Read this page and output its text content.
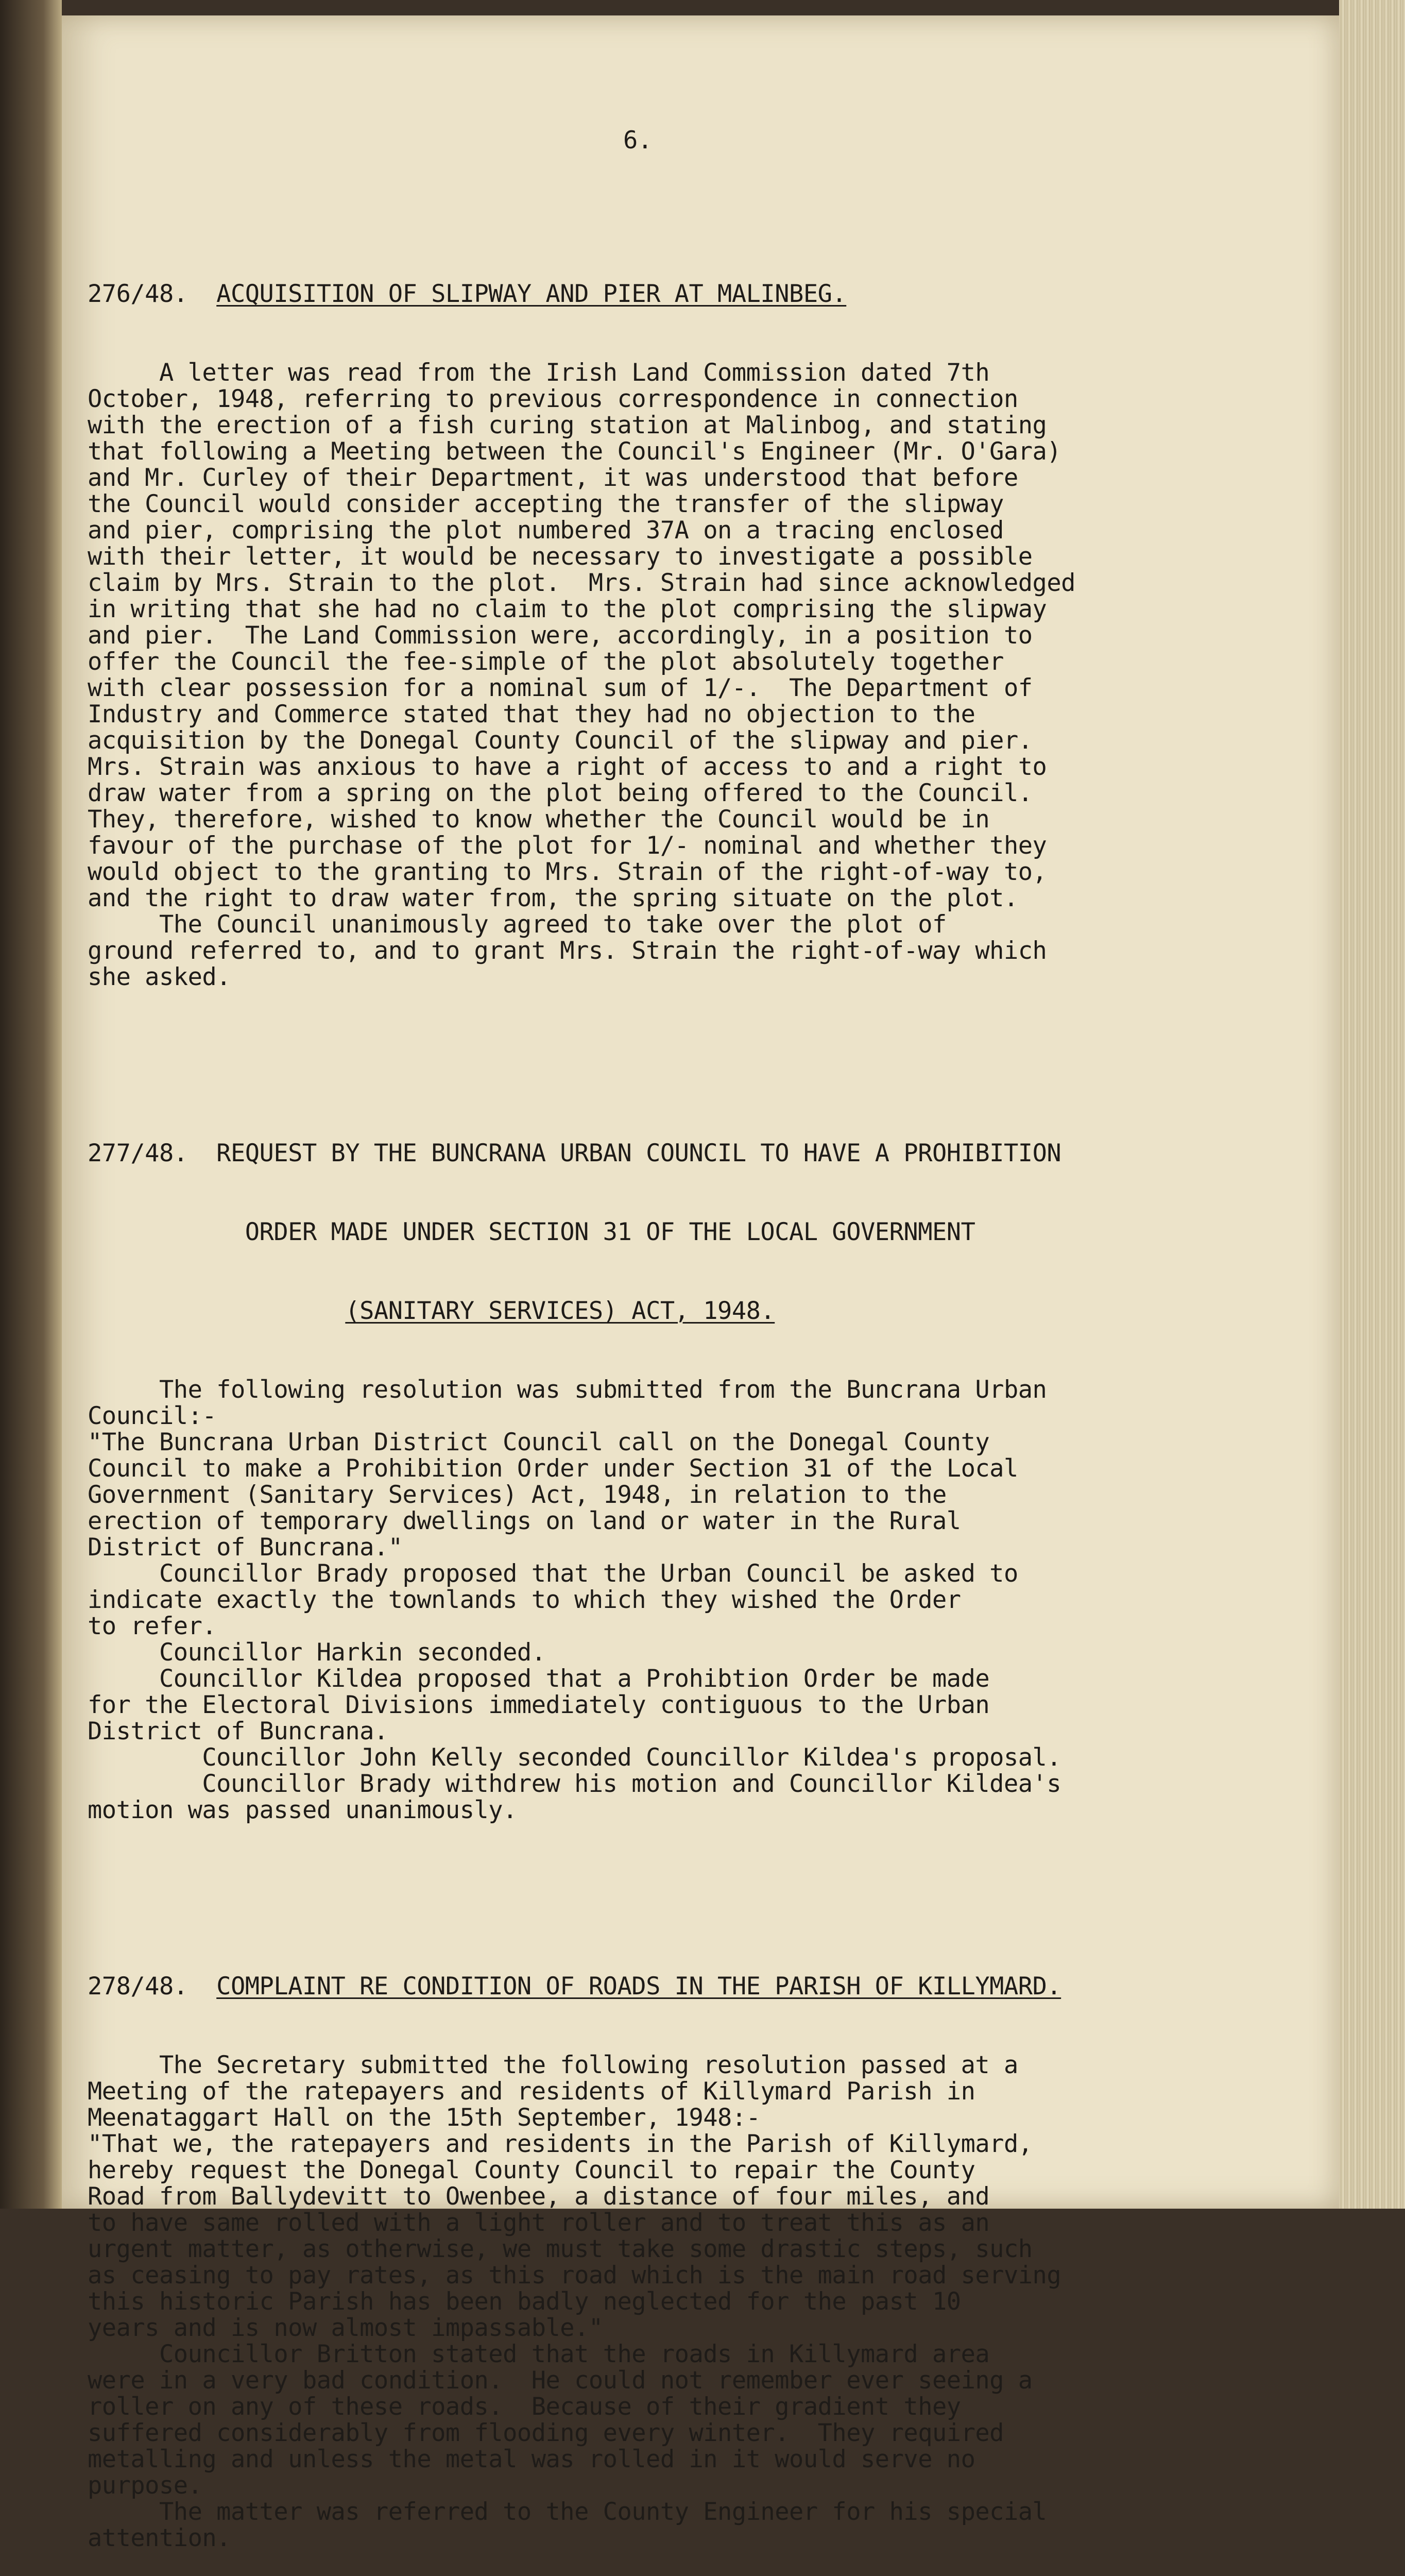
6.

276/48. ACQUISITION OF SLIPWAY AND PIER AT MALINBEG.

A letter was read from the Irish Land Commission dated 7th
October, 1948, referring to previous correspondence in connection
with the erection of a fish curing station at Malinbog, and stating
that following a Meeting between the Council's Engineer (Mr. O'Gara)
and Mr. Curley of their Department, it was understood that before
the Council would consider accepting the transfer of the slipway
and pier, comprising the plot numbered 37A on a tracing enclosed
with their letter, it would be necessary to investigate a possible
claim by Mrs. Strain to the plot.  Mrs. Strain had since acknowledged
in writing that she had no claim to the plot comprising the slipway
and pier.  The Land Commission were, accordingly, in a position to
offer the Council the fee-simple of the plot absolutely together
with clear possession for a nominal sum of 1/-.  The Department of
Industry and Commerce stated that they had no objection to the
acquisition by the Donegal County Council of the slipway and pier.
Mrs. Strain was anxious to have a right of access to and a right to
draw water from a spring on the plot being offered to the Council.
They, therefore, wished to know whether the Council would be in
favour of the purchase of the plot for 1/- nominal and whether they
would object to the granting to Mrs. Strain of the right-of-way to,
and the right to draw water from, the spring situate on the plot.
The Council unanimously agreed to take over the plot of
ground referred to, and to grant Mrs. Strain the right-of-way which
she asked.

277/48. REQUEST BY THE BUNCRANA URBAN COUNCIL TO HAVE A PROHIBITION

ORDER MADE UNDER SECTION 31 OF THE LOCAL GOVERNMENT

(SANITARY SERVICES) ACT, 1948.

The following resolution was submitted from the Buncrana Urban
Council:-
"The Buncrana Urban District Council call on the Donegal County
Council to make a Prohibition Order under Section 31 of the Local
Government (Sanitary Services) Act, 1948, in relation to the
erection of temporary dwellings on land or water in the Rural
District of Buncrana."
Councillor Brady proposed that the Urban Council be asked to
indicate exactly the townlands to which they wished the Order
to refer.
Councillor Harkin seconded.
Councillor Kildea proposed that a Prohibtion Order be made
for the Electoral Divisions immediately contiguous to the Urban
District of Buncrana.
Councillor John Kelly seconded Councillor Kildea's proposal.
Councillor Brady withdrew his motion and Councillor Kildea's
motion was passed unanimously.

278/48. COMPLAINT RE CONDITION OF ROADS IN THE PARISH OF KILLYMARD.

The Secretary submitted the following resolution passed at a
Meeting of the ratepayers and residents of Killymard Parish in
Meenataggart Hall on the 15th September, 1948:-
"That we, the ratepayers and residents in the Parish of Killymard,
hereby request the Donegal County Council to repair the County
Road from Ballydevitt to Owenbee, a distance of four miles, and
to have same rolled with a light roller and to treat this as an
urgent matter, as otherwise, we must take some drastic steps, such
as ceasing to pay rates, as this road which is the main road serving
this historic Parish has been badly neglected for the past 10
years and is now almost impassable."
Councillor Britton stated that the roads in Killymard area
were in a very bad condition.  He could not remember ever seeing a
roller on any of these roads.  Because of their gradient they
suffered considerably from flooding every winter.  They required
metalling and unless the metal was rolled in it would serve no
purpose.
The matter was referred to the County Engineer for his special
attention.
